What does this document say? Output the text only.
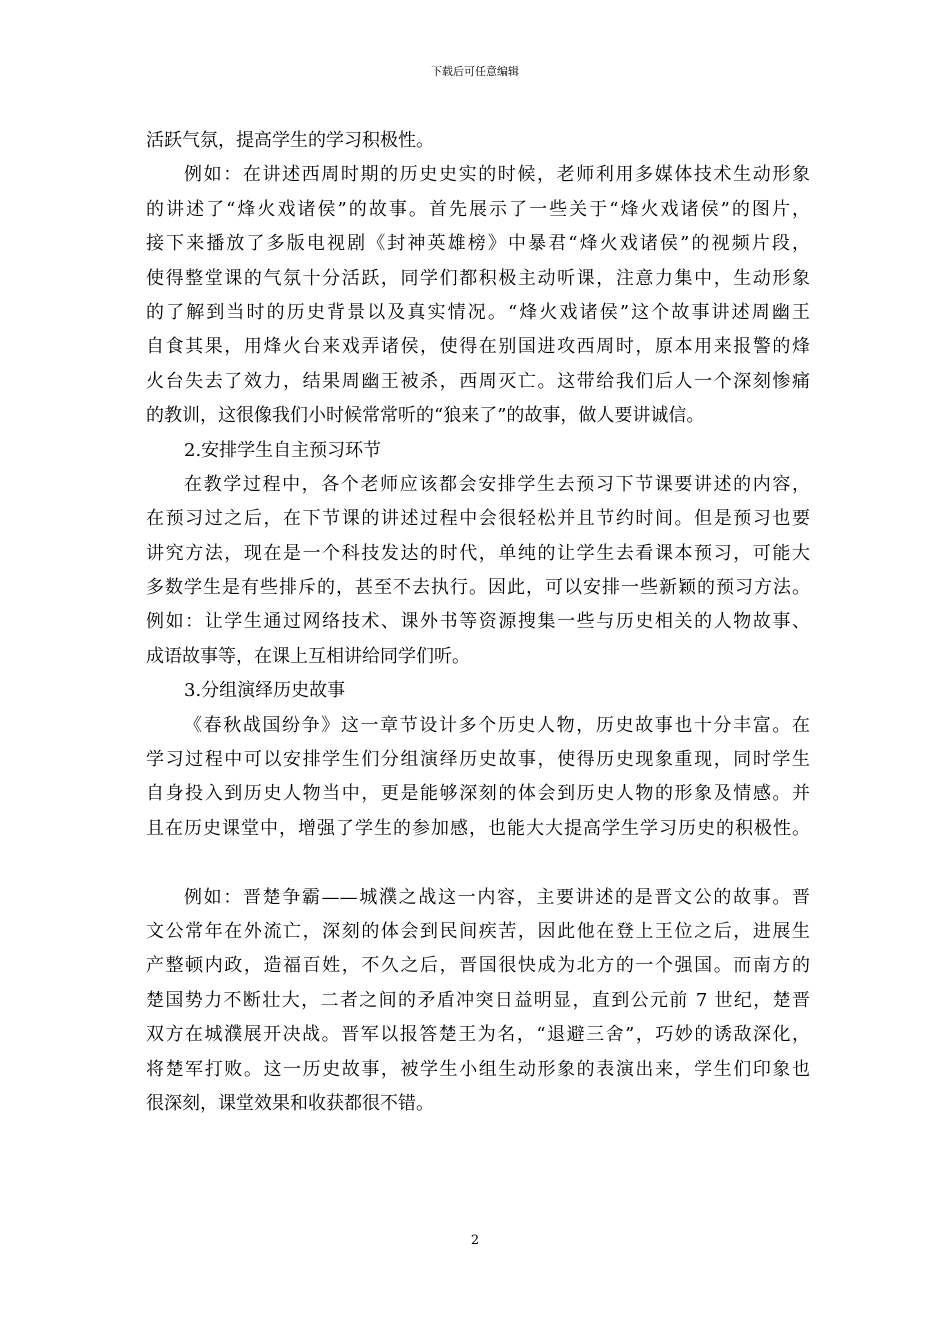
下载后可任意编辑
活跃气氛，提高学生的学习积极性。
例如：在讲述西周时期的历史史实的时候，老师利用多媒体技术生动形象
的讲述了“烽火戏诸侯”的故事。首先展示了一些关于“烽火戏诸侯”的图片，
接下来播放了多版电视剧《封神英雄榜》中暴君“烽火戏诸侯”的视频片段，
使得整堂课的气氛十分活跃，同学们都积极主动听课，注意力集中，生动形象
的了解到当时的历史背景以及真实情况。“烽火戏诸侯”这个故事讲述周幽王
自食其果，用烽火台来戏弄诸侯，使得在别国进攻西周时，原本用来报警的烽
火台失去了效力，结果周幽王被杀，西周灭亡。这带给我们后人一个深刻惨痛
的教训，这很像我们小时候常常听的“狼来了”的故事，做人要讲诚信。
2.安排学生自主预习环节
在教学过程中，各个老师应该都会安排学生去预习下节课要讲述的内容，
在预习过之后，在下节课的讲述过程中会很轻松并且节约时间。但是预习也要
讲究方法，现在是一个科技发达的时代，单纯的让学生去看课本预习，可能大
多数学生是有些排斥的，甚至不去执行。因此，可以安排一些新颖的预习方法。
例如：让学生通过网络技术、课外书等资源搜集一些与历史相关的人物故事、
成语故事等，在课上互相讲给同学们听。
3.分组演绎历史故事
《春秋战国纷争》这一章节设计多个历史人物，历史故事也十分丰富。在
学习过程中可以安排学生们分组演绎历史故事，使得历史现象重现，同时学生
自身投入到历史人物当中，更是能够深刻的体会到历史人物的形象及情感。并
且在历史课堂中，增强了学生的参加感，也能大大提高学生学习历史的积极性。
例如：晋楚争霸——城濮之战这一内容，主要讲述的是晋文公的故事。晋
文公常年在外流亡，深刻的体会到民间疾苦，因此他在登上王位之后，进展生
产整顿内政，造福百姓，不久之后，晋国很快成为北方的一个强国。而南方的
楚国势力不断壮大，二者之间的矛盾冲突日益明显，直到公元前 7 世纪，楚晋
双方在城濮展开决战。晋军以报答楚王为名，“退避三舍”，巧妙的诱敌深化，
将楚军打败。这一历史故事，被学生小组生动形象的表演出来，学生们印象也
很深刻，课堂效果和收获都很不错。
2
